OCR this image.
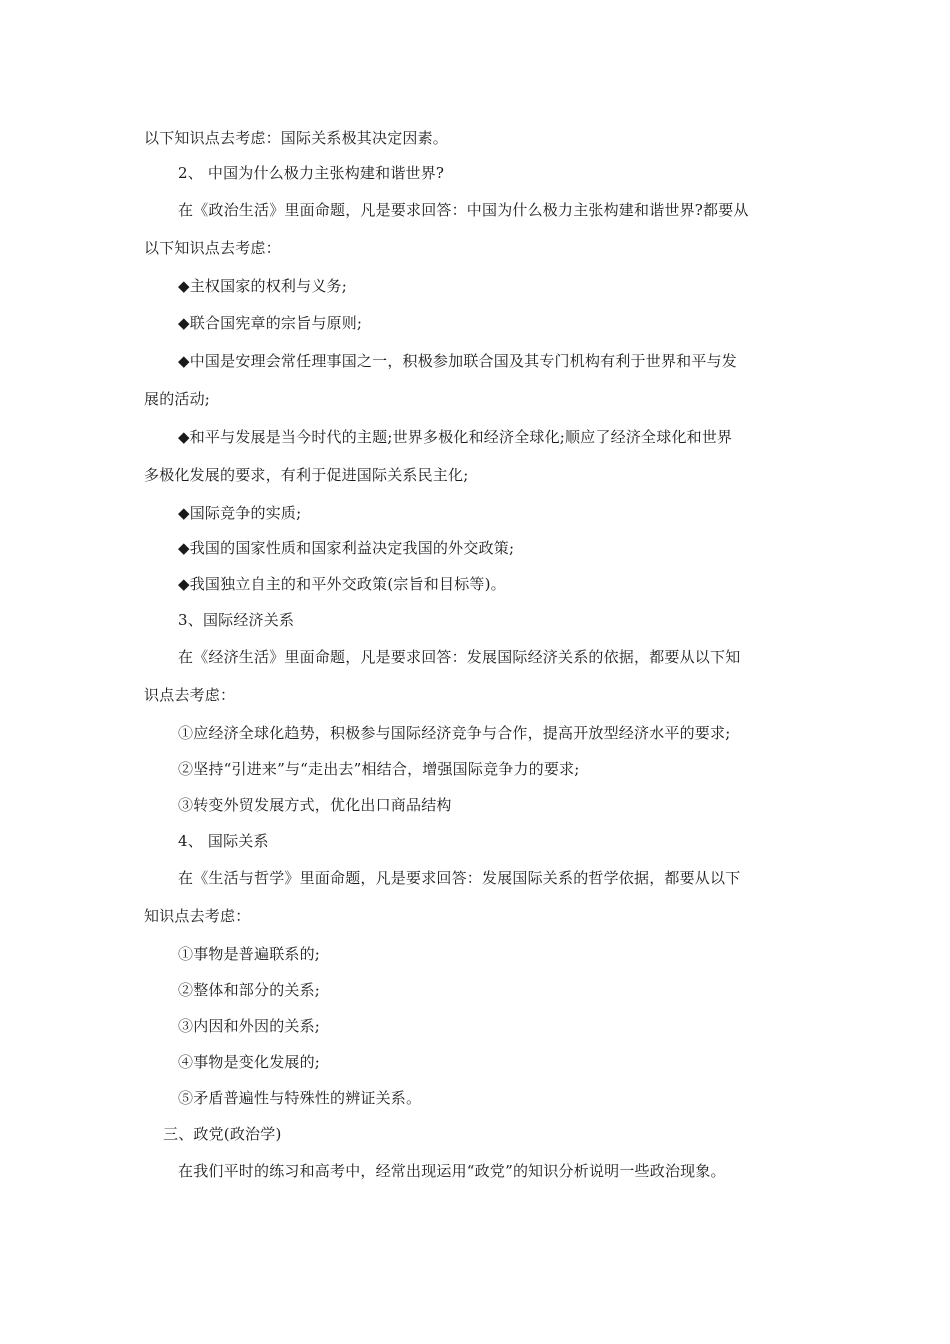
以下知识点去考虑：国际关系极其决定因素。
2、 中国为什么极力主张构建和谐世界?
在《政治生活》里面命题，凡是要求回答：中国为什么极力主张构建和谐世界?都要从
以下知识点去考虑：
◆主权国家的权利与义务;
◆联合国宪章的宗旨与原则;
◆中国是安理会常任理事国之一，积极参加联合国及其专门机构有利于世界和平与发
展的活动;
◆和平与发展是当今时代的主题;世界多极化和经济全球化;顺应了经济全球化和世界
多极化发展的要求，有利于促进国际关系民主化;
◆国际竞争的实质;
◆我国的国家性质和国家利益决定我国的外交政策;
◆我国独立自主的和平外交政策(宗旨和目标等)。
3、国际经济关系
在《经济生活》里面命题，凡是要求回答：发展国际经济关系的依据，都要从以下知
识点去考虑：
①应经济全球化趋势，积极参与国际经济竞争与合作，提高开放型经济水平的要求;
②坚持“引进来”与“走出去”相结合，增强国际竞争力的要求;
③转变外贸发展方式，优化出口商品结构
4、 国际关系
在《生活与哲学》里面命题，凡是要求回答：发展国际关系的哲学依据，都要从以下
知识点去考虑：
①事物是普遍联系的;
②整体和部分的关系;
③内因和外因的关系;
④事物是变化发展的;
⑤矛盾普遍性与特殊性的辨证关系。
三、政党(政治学)
在我们平时的练习和高考中，经常出现运用“政党”的知识分析说明一些政治现象。
